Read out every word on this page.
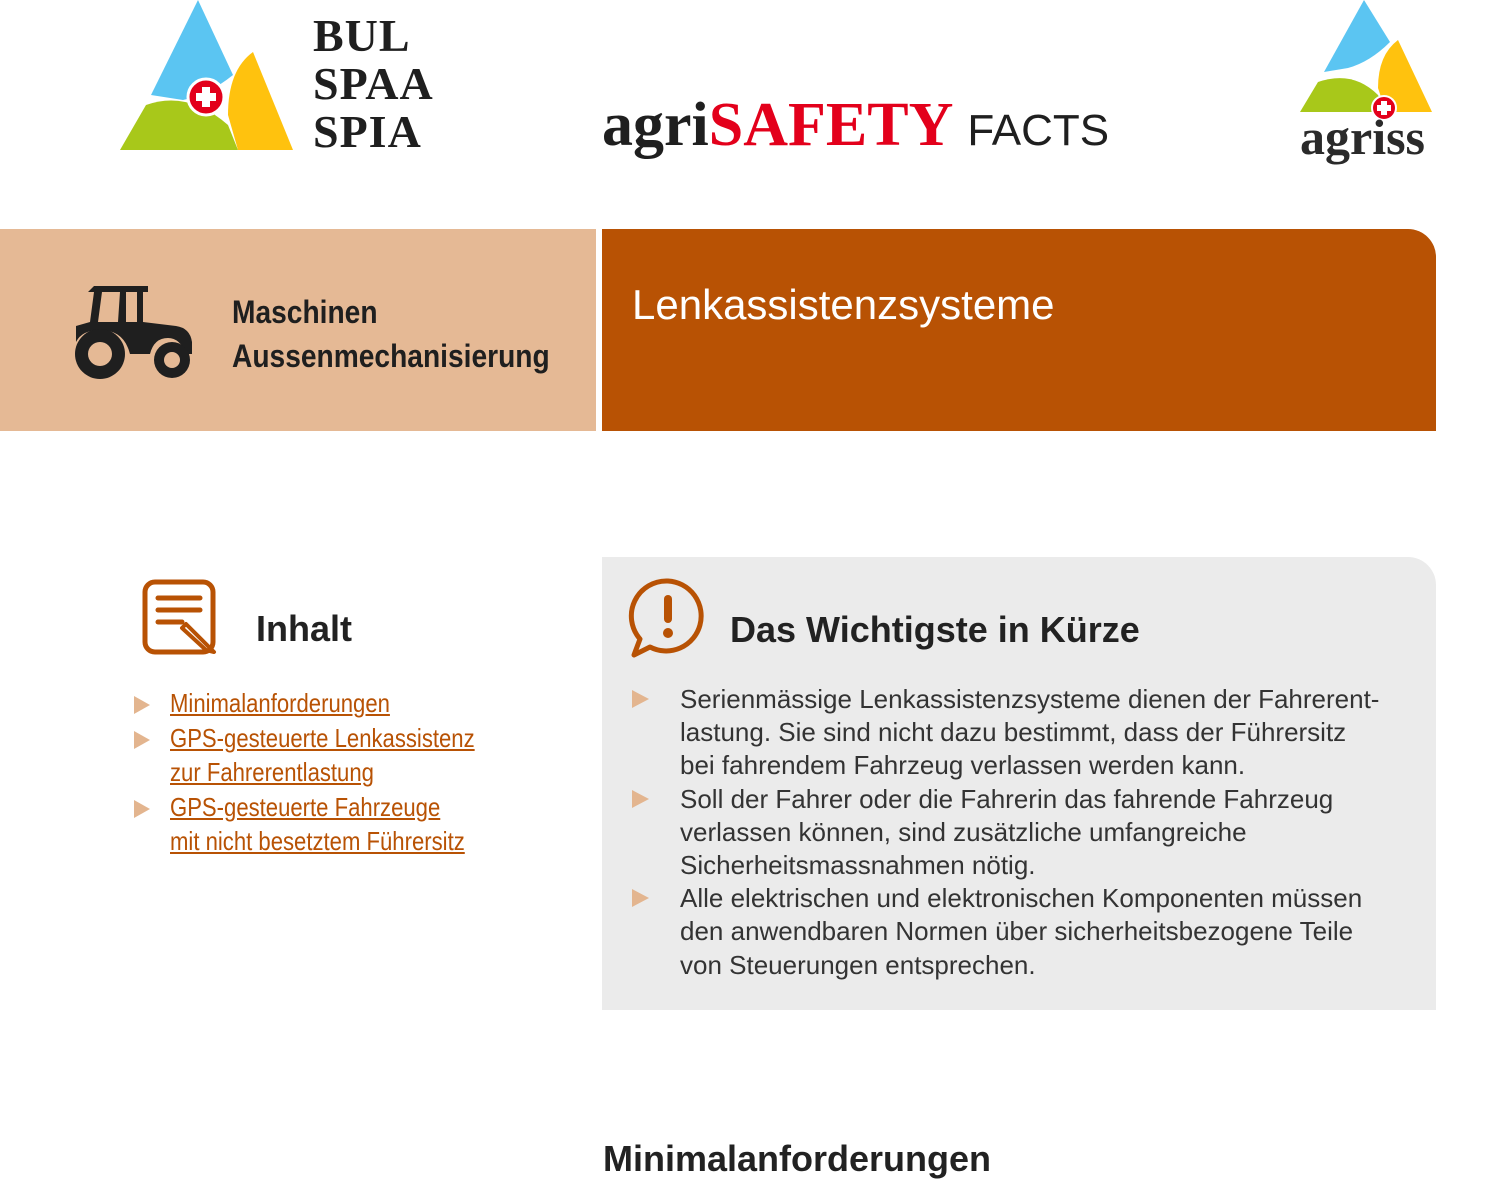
BUL
SPAA
SPIA	agriSAFETY FACTS	agriss
Maschinen
Aussenmechanisierung
Lenkassistenzsysteme
Inhalt
Minimalanforderungen
GPS-gesteuerte Lenkassistenz
zur Fahrerentlastung
GPS-gesteuerte Fahrzeuge
mit nicht besetztem Führersitz
Das Wichtigste in Kürze
Serienmässige Lenkassistenzsysteme dienen der Fahrerent-
lastung. Sie sind nicht dazu bestimmt, dass der Führersitz
bei fahrendem Fahrzeug verlassen werden kann.
Soll der Fahrer oder die Fahrerin das fahrende Fahrzeug
verlassen können, sind zusätzliche umfangreiche
Sicherheitsmassnahmen nötig.
Alle elektrischen und elektronischen Komponenten müssen
den anwendbaren Normen über sicherheitsbezogene Teile
von Steuerungen entsprechen.
Minimalanforderungen
